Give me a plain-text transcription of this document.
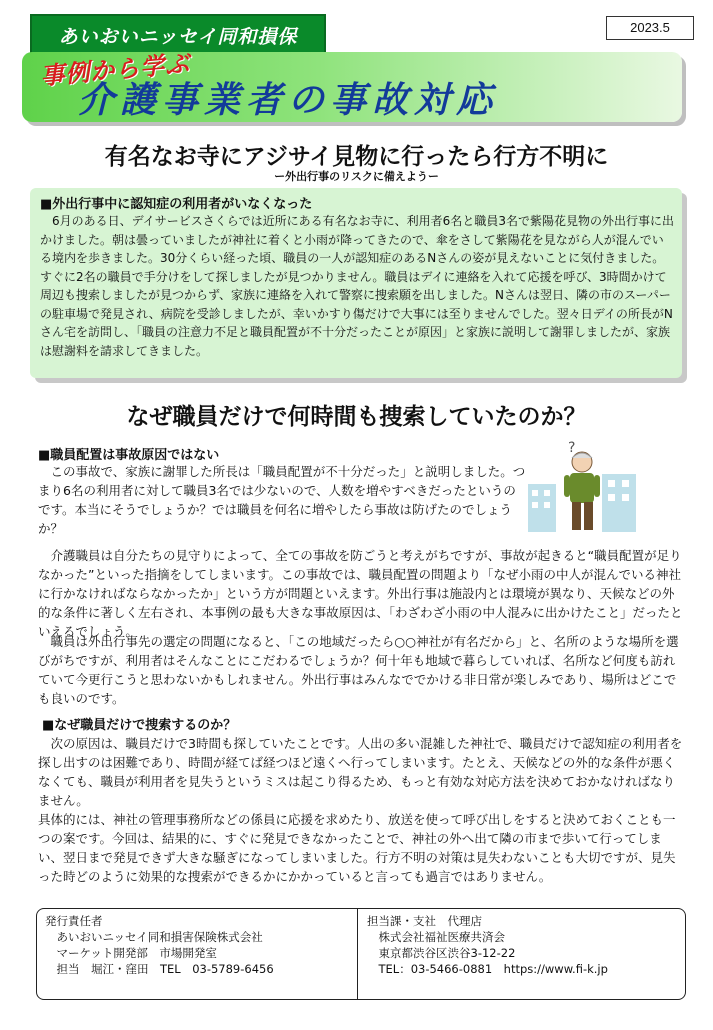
あいおいニッセイ同和損保	2023.5
事例から学ぶ
介護事業者の事故対応
有名なお寺にアジサイ見物に行ったら行方不明に
ー外出行事のリスクに備えようー
■外出行事中に認知症の利用者がいなくなった
6月のある日、デイサービスさくらでは近所にある有名なお寺に、利用者6名と職員3名で紫陽花見物の外出行事に出かけました。朝は曇っていましたが神社に着くと小雨が降ってきたので、傘をさして紫陽花を見ながら人が混んでいる境内を歩きました。30分くらい経った頃、職員の一人が認知症のあるNさんの姿が見えないことに気付きました。すぐに2名の職員で手分けをして探しましたが見つかりません。職員はデイに連絡を入れて応援を呼び、3時間かけて周辺も捜索しましたが見つからず、家族に連絡を入れて警察に捜索願を出しました。Nさんは翌日、隣の市のスーパーの駐車場で発見され、病院を受診しましたが、幸いかすり傷だけで大事には至りませんでした。翌々日デイの所長がNさん宅を訪問し、「職員の注意力不足と職員配置が不十分だったことが原因」と家族に説明して謝罪しましたが、家族は慰謝料を請求してきました。
なぜ職員だけで何時間も捜索していたのか？
■職員配置は事故原因ではない
この事故で、家族に謝罪した所長は「職員配置が不十分だった」と説明しました。つまり6名の利用者に対して職員3名では少ないので、人数を増やすべきだったというのです。本当にそうでしょうか？では職員を何名に増やしたら事故は防げたのでしょうか？
?
介護職員は自分たちの見守りによって、全ての事故を防ごうと考えがちですが、事故が起きると“職員配置が足りなかった”といった指摘をしてしまいます。この事故では、職員配置の問題より「なぜ小雨の中人が混んでいる神社に行かなければならなかったか」という方が問題といえます。外出行事は施設内とは環境が異なり、天候などの外的な条件に著しく左右され、本事例の最も大きな事故原因は、「わざわざ小雨の中人混みに出かけたこと」だったといえるでしょう。
職員は外出行事先の選定の問題になると、「この地域だったら○○神社が有名だから」と、名所のような場所を選びがちですが、利用者はそんなことにこだわるでしょうか？何十年も地域で暮らしていれば、名所など何度も訪れていて今更行こうと思わないかもしれません。外出行事はみんなででかける非日常が楽しみであり、場所はどこでも良いのです。
■なぜ職員だけで捜索するのか？
次の原因は、職員だけで3時間も探していたことです。人出の多い混雑した神社で、職員だけで認知症の利用者を探し出すのは困難であり、時間が経てば経つほど遠くへ行ってしまいます。たとえ、天候などの外的な条件が悪くなくても、職員が利用者を見失うというミスは起こり得るため、もっと有効な対応方法を決めておかなければなりません。
具体的には、神社の管理事務所などの係員に応援を求めたり、放送を使って呼び出しをすると決めておくことも一つの案です。今回は、結果的に、すぐに発見できなかったことで、神社の外へ出て隣の市まで歩いて行ってしまい、翌日まで発見できず大きな騒ぎになってしまいました。行方不明の対策は見失わないことも大切ですが、見失った時どのように効果的な捜索ができるかにかかっていると言っても過言ではありません。
発行責任者
　あいおいニッセイ同和損害保険株式会社
　マーケット開発部　市場開発室
　担当　堀江・窪田　TEL　03-5789-6456
担当課・支社　代理店
　株式会社福祉医療共済会
　東京都渋谷区渋谷3-12-22
　TEL：03-5466-0881　https://www.fi-k.jp
